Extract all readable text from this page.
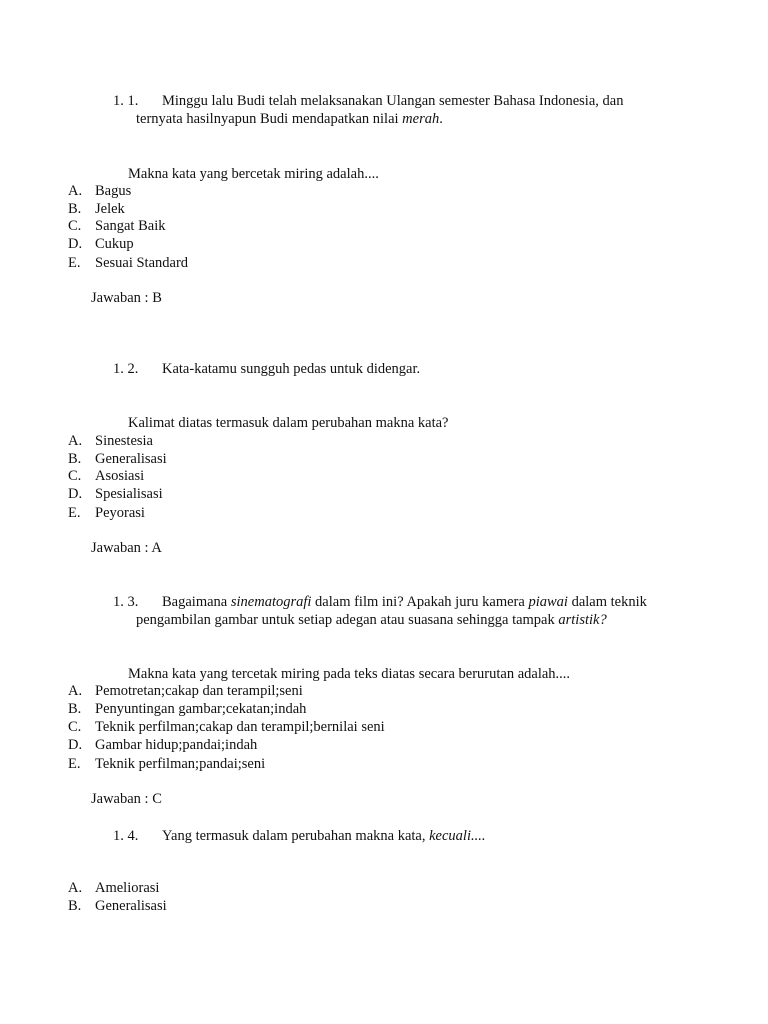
1. 1. Minggu lalu Budi telah melaksanakan Ulangan semester Bahasa Indonesia, dan
ternyata hasilnyapun Budi mendapatkan nilai merah.
Makna kata yang bercetak miring adalah....
A. Bagus
B. Jelek
C. Sangat Baik
D. Cukup
E. Sesuai Standard
Jawaban : B
1. 2. Kata-katamu sungguh pedas untuk didengar.
Kalimat diatas termasuk dalam perubahan makna kata?
A. Sinestesia
B. Generalisasi
C. Asosiasi
D. Spesialisasi
E. Peyorasi
Jawaban : A
1. 3. Bagaimana sinematografi dalam film ini? Apakah juru kamera piawai dalam teknik
pengambilan gambar untuk setiap adegan atau suasana sehingga tampak artistik?
Makna kata yang tercetak miring pada teks diatas secara berurutan adalah....
A. Pemotretan;cakap dan terampil;seni
B. Penyuntingan gambar;cekatan;indah
C. Teknik perfilman;cakap dan terampil;bernilai seni
D. Gambar hidup;pandai;indah
E. Teknik perfilman;pandai;seni
Jawaban : C
1. 4. Yang termasuk dalam perubahan makna kata, kecuali....
A. Ameliorasi
B. Generalisasi
